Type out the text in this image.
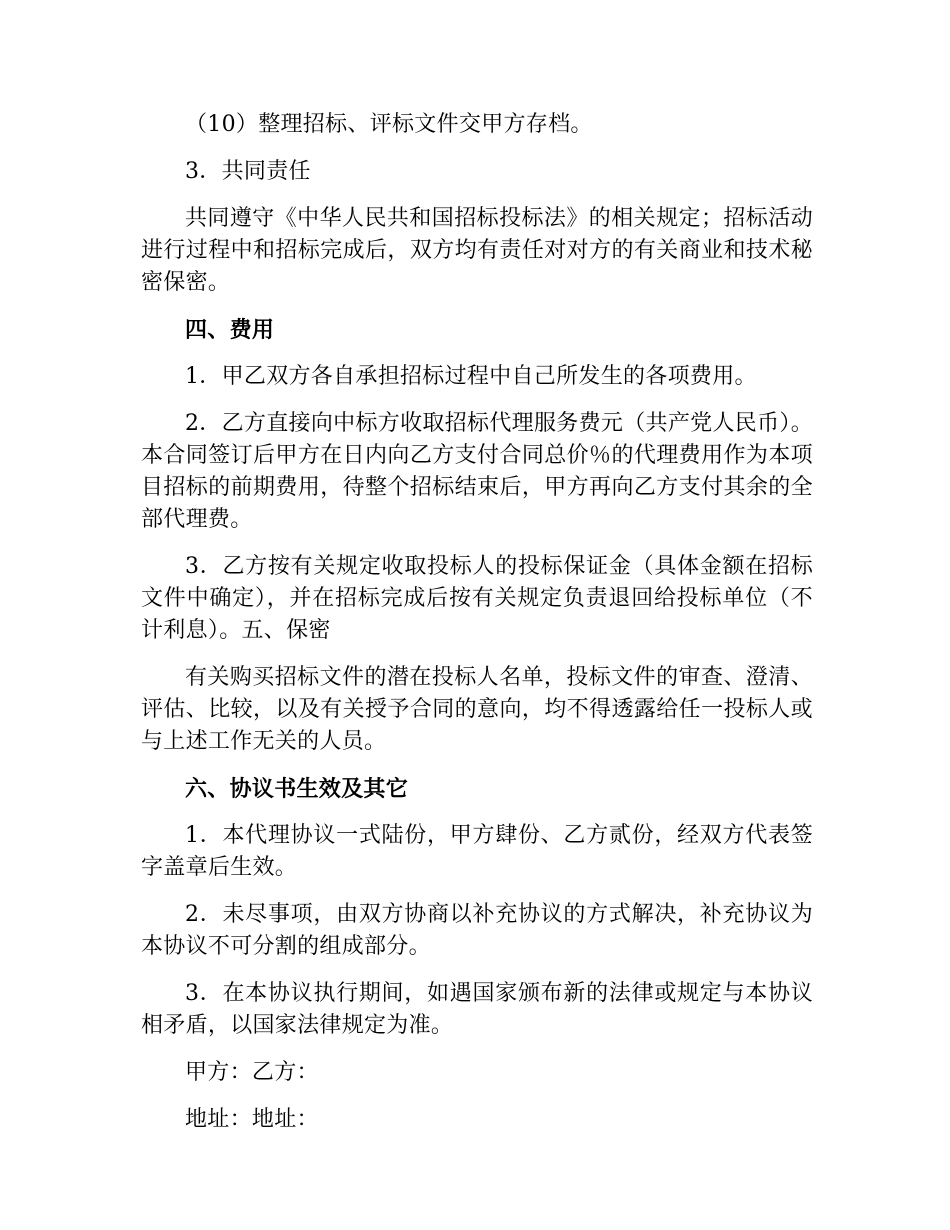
（10）整理招标、评标文件交甲方存档。

3．共同责任

共同遵守《中华人民共和国招标投标法》的相关规定；招标活动进行过程中和招标完成后，双方均有责任对对方的有关商业和技术秘密保密。

四、费用

1．甲乙双方各自承担招标过程中自己所发生的各项费用。

2．乙方直接向中标方收取招标代理服务费元（共产党人民币）。本合同签订后甲方在日内向乙方支付合同总价％的代理费用作为本项目招标的前期费用，待整个招标结束后，甲方再向乙方支付其余的全部代理费。

3．乙方按有关规定收取投标人的投标保证金（具体金额在招标文件中确定），并在招标完成后按有关规定负责退回给投标单位（不计利息）。五、保密

有关购买招标文件的潜在投标人名单，投标文件的审查、澄清、评估、比较，以及有关授予合同的意向，均不得透露给任一投标人或与上述工作无关的人员。

六、协议书生效及其它

1．本代理协议一式陆份，甲方肆份、乙方贰份，经双方代表签字盖章后生效。

2．未尽事项，由双方协商以补充协议的方式解决，补充协议为本协议不可分割的组成部分。

3．在本协议执行期间，如遇国家颁布新的法律或规定与本协议相矛盾，以国家法律规定为准。

甲方：乙方：

地址：地址：
